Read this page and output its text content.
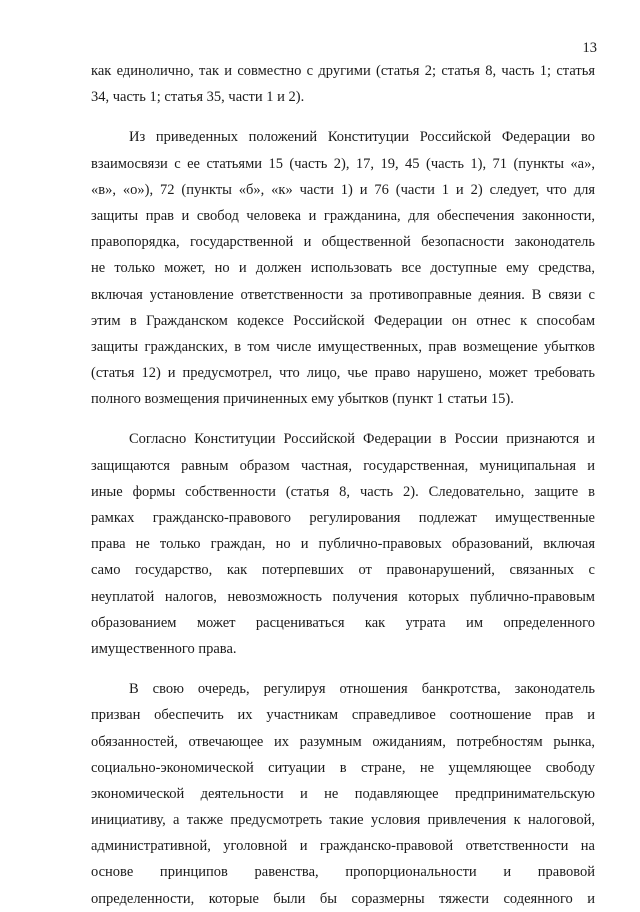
13
как единолично, так и совместно с другими (статья 2; статья 8, часть 1; статья
34, часть 1; статья 35, части 1 и 2).
Из приведенных положений Конституции Российской Федерации во
взаимосвязи с ее статьями 15 (часть 2), 17, 19, 45 (часть 1), 71 (пункты «а»,
«в», «о»), 72 (пункты «б», «к» части 1) и 76 (части 1 и 2) следует, что для
защиты прав и свобод человека и гражданина, для обеспечения законности,
правопорядка, государственной и общественной безопасности законодатель
не только может, но и должен использовать все доступные ему средства,
включая установление ответственности за противоправные деяния. В связи с
этим в Гражданском кодексе Российской Федерации он отнес к способам
защиты гражданских, в том числе имущественных, прав возмещение убытков
(статья 12) и предусмотрел, что лицо, чье право нарушено, может требовать
полного возмещения причиненных ему убытков (пункт 1 статьи 15).
Согласно Конституции Российской Федерации в России признаются и
защищаются равным образом частная, государственная, муниципальная и
иные формы собственности (статья 8, часть 2). Следовательно, защите в
рамках гражданско-правового регулирования подлежат имущественные
права не только граждан, но и публично-правовых образований, включая
само государство, как потерпевших от правонарушений, связанных с
неуплатой налогов, невозможность получения которых публично-правовым
образованием может расцениваться как утрата им определенного
имущественного права.
В свою очередь, регулируя отношения банкротства, законодатель
призван обеспечить их участникам справедливое соотношение прав и
обязанностей, отвечающее их разумным ожиданиям, потребностям рынка,
социально-экономической ситуации в стране, не ущемляющее свободу
экономической деятельности и не подавляющее предпринимательскую
инициативу, а также предусмотреть такие условия привлечения к налоговой,
административной, уголовной и гражданско-правовой ответственности на
основе принципов равенства, пропорциональности и правовой
определенности, которые были бы соразмерны тяжести содеянного и
